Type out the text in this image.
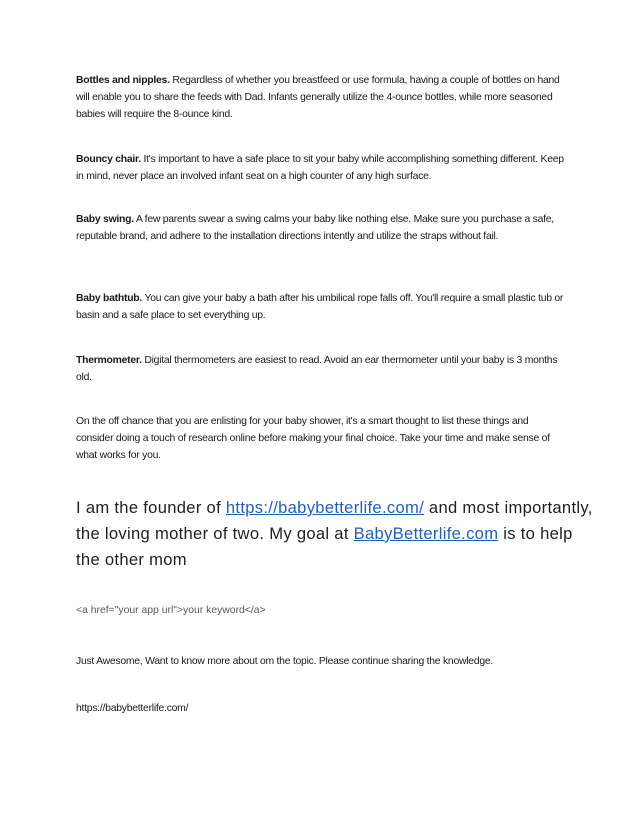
Bottles and nipples. Regardless of whether you breastfeed or use formula, having a couple of bottles on hand will enable you to share the feeds with Dad. Infants generally utilize the 4-ounce bottles, while more seasoned babies will require the 8-ounce kind.

Bouncy chair. It's important to have a safe place to sit your baby while accomplishing something different. Keep in mind, never place an involved infant seat on a high counter of any high surface.

Baby swing. A few parents swear a swing calms your baby like nothing else. Make sure you purchase a safe, reputable brand, and adhere to the installation directions intently and utilize the straps without fail.

Baby bathtub. You can give your baby a bath after his umbilical rope falls off. You'll require a small plastic tub or basin and a safe place to set everything up.

Thermometer. Digital thermometers are easiest to read. Avoid an ear thermometer until your baby is 3 months old.

On the off chance that you are enlisting for your baby shower, it's a smart thought to list these things and consider doing a touch of research online before making your final choice. Take your time and make sense of what works for you.

I am the founder of https://babybetterlife.com/ and most importantly, the loving mother of two. My goal at BabyBetterlife.com is to help the other mom

<a href="your app url">your keyword</a>

Just Awesome, Want to know more about om the topic. Please continue sharing the knowledge.

https://babybetterlife.com/
